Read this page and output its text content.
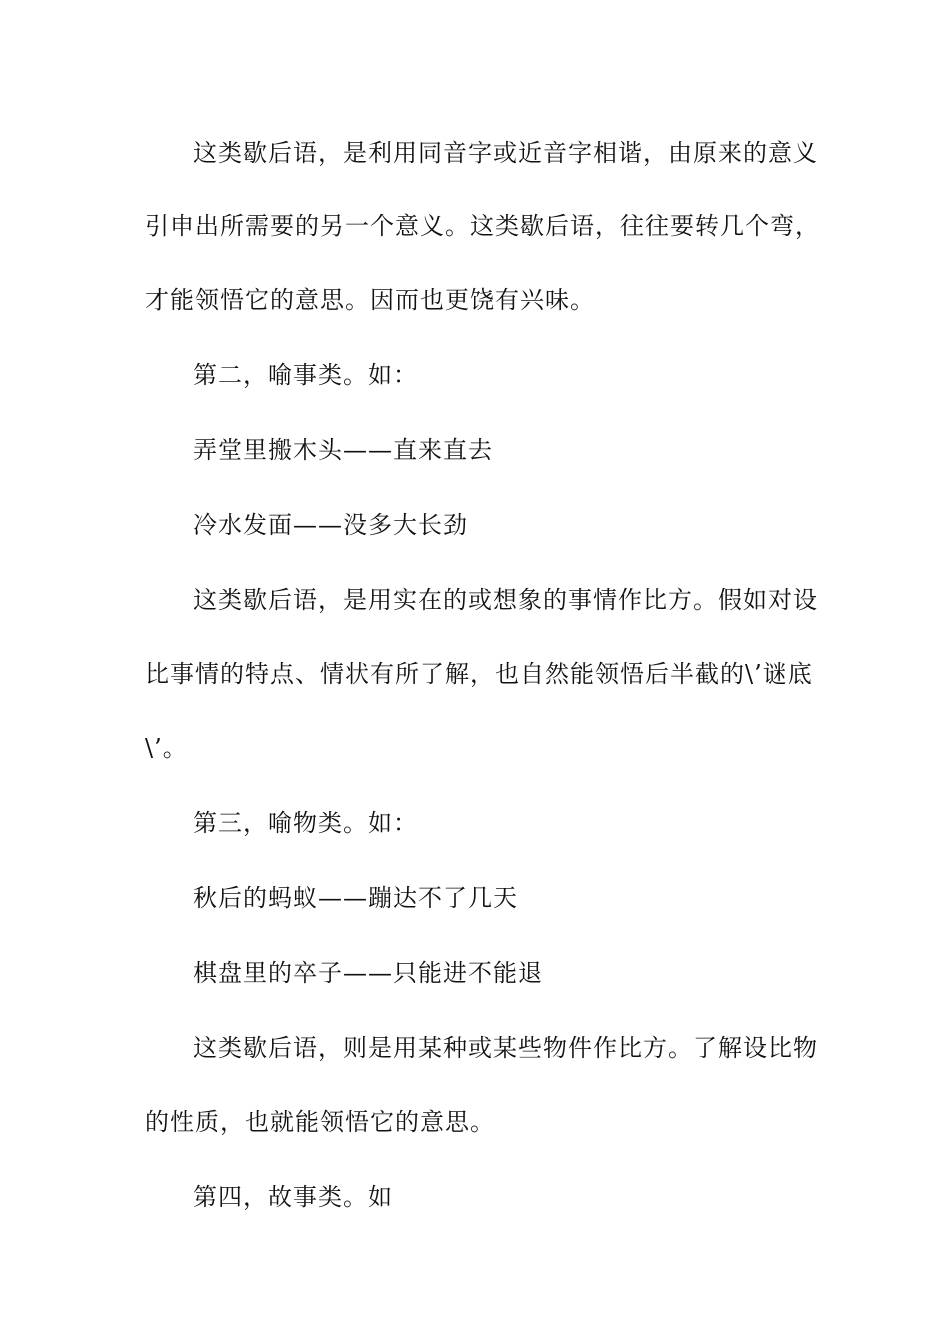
这类歇后语，是利用同音字或近音字相谐，由原来的意义
引申出所需要的另一个意义。这类歇后语，往往要转几个弯，
才能领悟它的意思。因而也更饶有兴味。
第二，喻事类。如：
弄堂里搬木头——直来直去
冷水发面——没多大长劲
这类歇后语，是用实在的或想象的事情作比方。假如对设
比事情的特点、情状有所了解，也自然能领悟后半截的\’谜底
\’。
第三，喻物类。如：
秋后的蚂蚁——蹦达不了几天
棋盘里的卒子——只能进不能退
这类歇后语，则是用某种或某些物件作比方。了解设比物
的性质，也就能领悟它的意思。
第四，故事类。如
